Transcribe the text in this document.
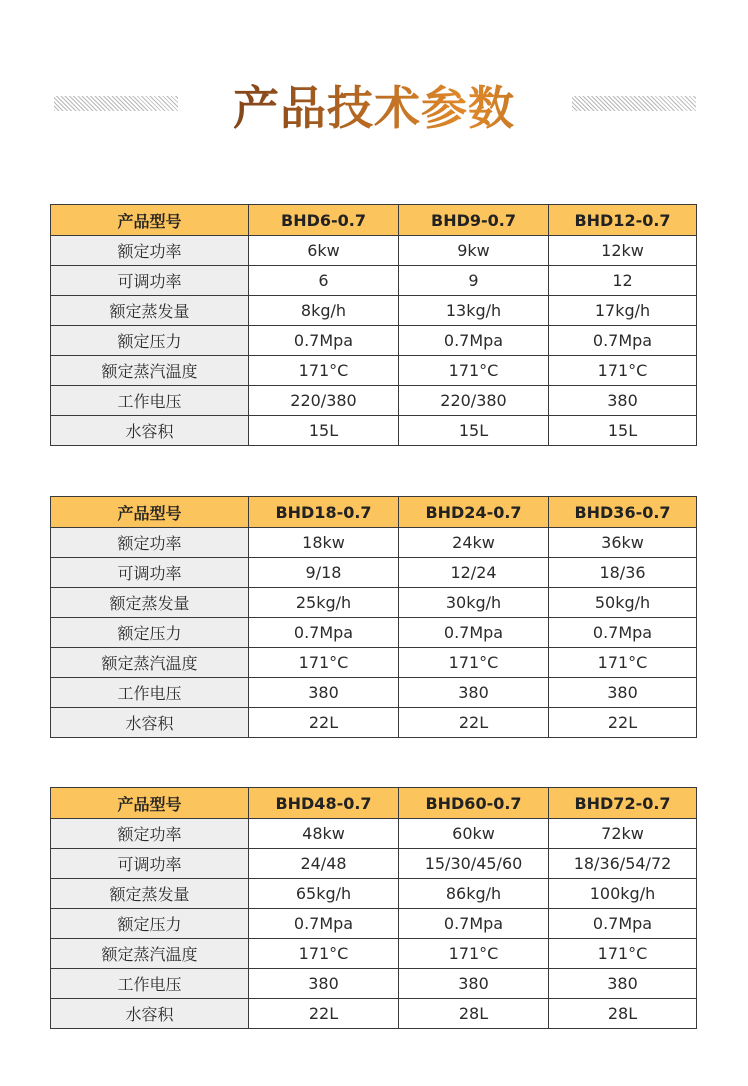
产品技术参数
产品型号	BHD6-0.7	BHD9-0.7	BHD12-0.7
额定功率	6kw	9kw	12kw
可调功率	6	9	12
额定蒸发量	8kg/h	13kg/h	17kg/h
额定压力	0.7Mpa	0.7Mpa	0.7Mpa
额定蒸汽温度	171°C	171°C	171°C
工作电压	220/380	220/380	380
水容积	15L	15L	15L
产品型号	BHD18-0.7	BHD24-0.7	BHD36-0.7
额定功率	18kw	24kw	36kw
可调功率	9/18	12/24	18/36
额定蒸发量	25kg/h	30kg/h	50kg/h
额定压力	0.7Mpa	0.7Mpa	0.7Mpa
额定蒸汽温度	171°C	171°C	171°C
工作电压	380	380	380
水容积	22L	22L	22L
产品型号	BHD48-0.7	BHD60-0.7	BHD72-0.7
额定功率	48kw	60kw	72kw
可调功率	24/48	15/30/45/60	18/36/54/72
额定蒸发量	65kg/h	86kg/h	100kg/h
额定压力	0.7Mpa	0.7Mpa	0.7Mpa
额定蒸汽温度	171°C	171°C	171°C
工作电压	380	380	380
水容积	22L	28L	28L
